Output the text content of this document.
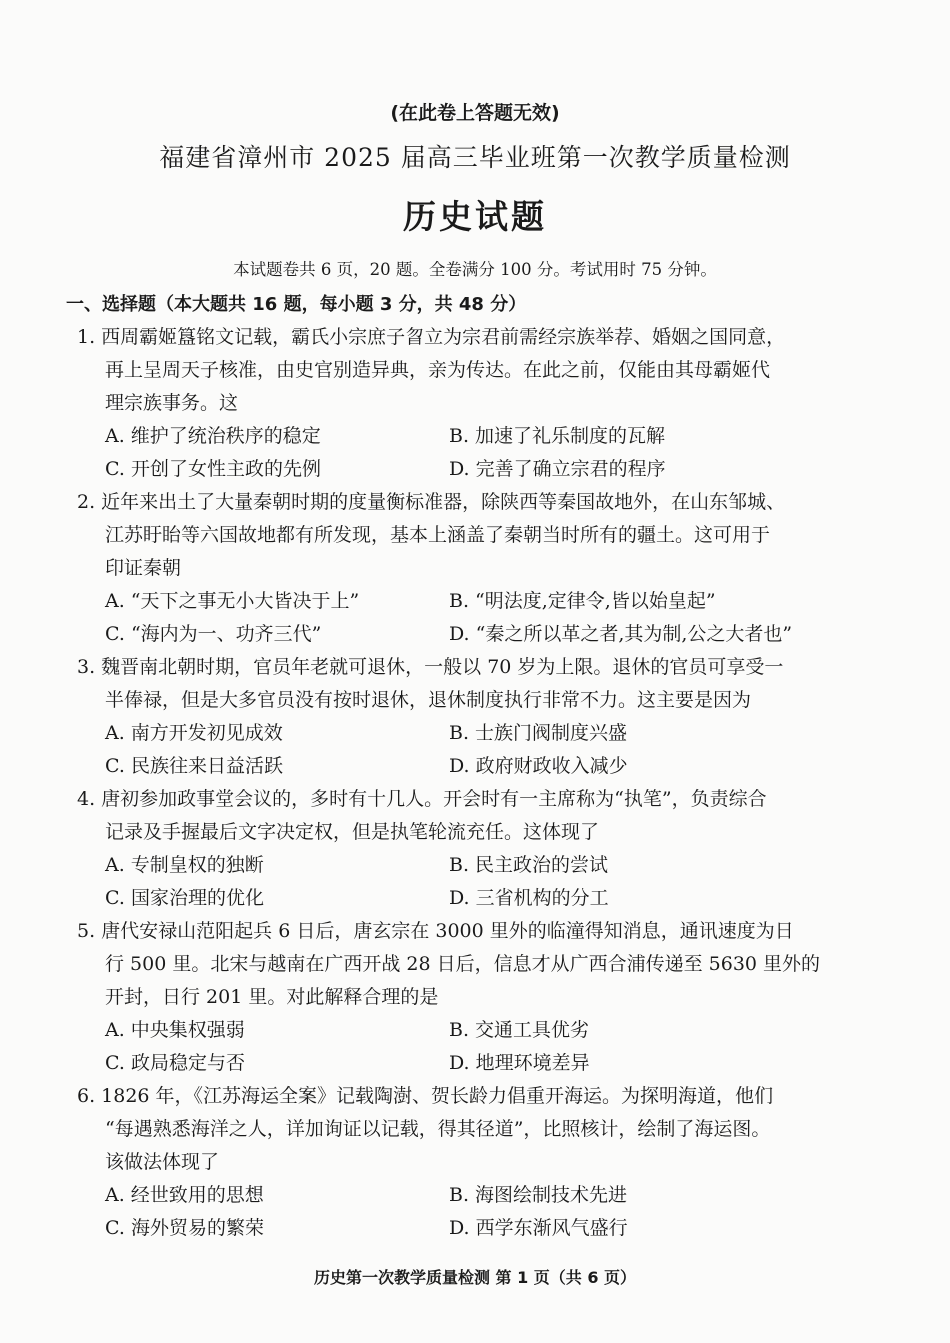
(在此卷上答题无效)
福建省漳州市 2025 届高三毕业班第一次教学质量检测
历史试题
本试题卷共 6 页，20 题。全卷满分 100 分。考试用时 75 分钟。
一、选择题（本大题共 16 题，每小题 3 分，共 48 分）
1. 西周霸姬簋铭文记载，霸氏小宗庶子曶立为宗君前需经宗族举荐、婚姻之国同意，
再上呈周天子核准，由史官别造异典，亲为传达。在此之前，仅能由其母霸姬代
理宗族事务。这
A. 维护了统治秩序的稳定	B. 加速了礼乐制度的瓦解
C. 开创了女性主政的先例	D. 完善了确立宗君的程序
2. 近年来出土了大量秦朝时期的度量衡标准器，除陕西等秦国故地外，在山东邹城、
江苏盱眙等六国故地都有所发现，基本上涵盖了秦朝当时所有的疆土。这可用于
印证秦朝
A. “天下之事无小大皆决于上”	B. “明法度,定律令,皆以始皇起”
C. “海内为一、功齐三代”	D. “秦之所以革之者,其为制,公之大者也”
3. 魏晋南北朝时期，官员年老就可退休，一般以 70 岁为上限。退休的官员可享受一
半俸禄，但是大多官员没有按时退休，退休制度执行非常不力。这主要是因为
A. 南方开发初见成效	B. 士族门阀制度兴盛
C. 民族往来日益活跃	D. 政府财政收入减少
4. 唐初参加政事堂会议的，多时有十几人。开会时有一主席称为“执笔”，负责综合
记录及手握最后文字决定权，但是执笔轮流充任。这体现了
A. 专制皇权的独断	B. 民主政治的尝试
C. 国家治理的优化	D. 三省机构的分工
5. 唐代安禄山范阳起兵 6 日后，唐玄宗在 3000 里外的临潼得知消息，通讯速度为日
行 500 里。北宋与越南在广西开战 28 日后，信息才从广西合浦传递至 5630 里外的
开封，日行 201 里。对此解释合理的是
A. 中央集权强弱	B. 交通工具优劣
C. 政局稳定与否	D. 地理环境差异
6. 1826 年，《江苏海运全案》记载陶澍、贺长龄力倡重开海运。为探明海道，他们
“每遇熟悉海洋之人，详加询证以记载，得其径道”，比照核计，绘制了海运图。
该做法体现了
A. 经世致用的思想	B. 海图绘制技术先进
C. 海外贸易的繁荣	D. 西学东渐风气盛行
历史第一次教学质量检测 第 1 页（共 6 页）
